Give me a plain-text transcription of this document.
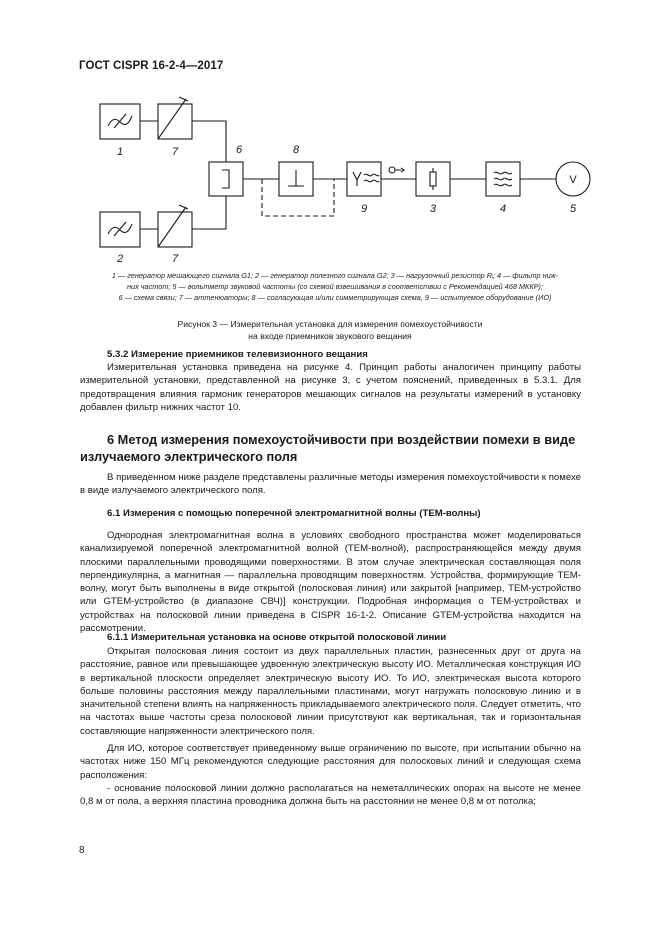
ГОСТ CISPR 16-2-4—2017
V
1	7	6	8
9	3	4	5
2	7
1 — генератор мешающего сигнала G1; 2 — генератор полезного сигнала G2; 3 — нагрузочный резистор Rᵢ; 4 — фильтр ниж-
них частот; 5 — вольтметр звуковой частоты (со схемой взвешивания в соответствии с Рекомендацией 468 МККР);
6 — схема связи; 7 — аттенюаторы; 8 — согласующая и/или симметрирующая схема, 9 — испытуемое оборудование (ИО)
Рисунок 3 — Измерительная установка для измерения помехоустойчивости
на входе приемников звукового вещания
5.3.2 Измерение приемников телевизионного вещания

Измерительная установка приведена на рисунке 4. Принцип работы аналогичен принципу работы измерительной установки, представленной на рисунке 3, с учетом пояснений, приведенных в 5.3.1. Для предотвращения влияния гармоник генераторов мешающих сигналов на результаты измерений в установку добавлен фильтр нижних частот 10.

6 Метод измерения помехоустойчивости при воздействии помехи в виде излучаемого электрического поля

В приведенном ниже разделе представлены различные методы измерения помехоустойчивости к помехе в виде излучаемого электрического поля.

6.1 Измерения с помощью поперечной электромагнитной волны (ТЕМ-волны)

Однородная электромагнитная волна в условиях свободного пространства может моделироваться канализируемой поперечной электромагнитной волной (ТЕМ-волной), распространяющейся между двумя плоскими параллельными проводящими поверхностями. В этом случае электрическая составляющая поля перпендикулярна, а магнитная — параллельна проводящим поверхностям. Устройства, формирующие ТЕМ-волну, могут быть выполнены в виде открытой (полосковая линия) или закрытой [например, ТЕМ-устройство или GTEM-устройство (в диапазоне СВЧ)] конструкции. Подробная информация о ТЕМ-устройствах и устройствах на полосковой линии приведена в CISPR 16-1-2. Описание GTEM-устройства находится на рассмотрении.

6.1.1 Измерительная установка на основе открытой полосковой линии

Открытая полосковая линия состоит из двух параллельных пластин, разнесенных друг от друга на расстояние, равное или превышающее удвоенную электрическую высоту ИО. Металлическая конструкция ИО в вертикальной плоскости определяет электрическую высоту ИО. То ИО, электрическая высота которого больше половины расстояния между параллельными пластинами, могут нагружать полосковую линию и в значительной степени влиять на напряженность прикладываемого электрического поля. Следует отметить, что на частотах выше частоты среза полосковой линии присутствуют как вертикальная, так и горизонтальная составляющие напряженности электрического поля.

Для ИО, которое соответствует приведенному выше ограничению по высоте, при испытании обычно на частотах ниже 150 МГц рекомендуются следующие расстояния для полосковых линий и следующая схема расположения:

- основание полосковой линии должно располагаться на неметаллических опорах на высоте не менее 0,8 м от пола, а верхняя пластина проводника должна быть на расстоянии не менее 0,8 м от потолка;

8
